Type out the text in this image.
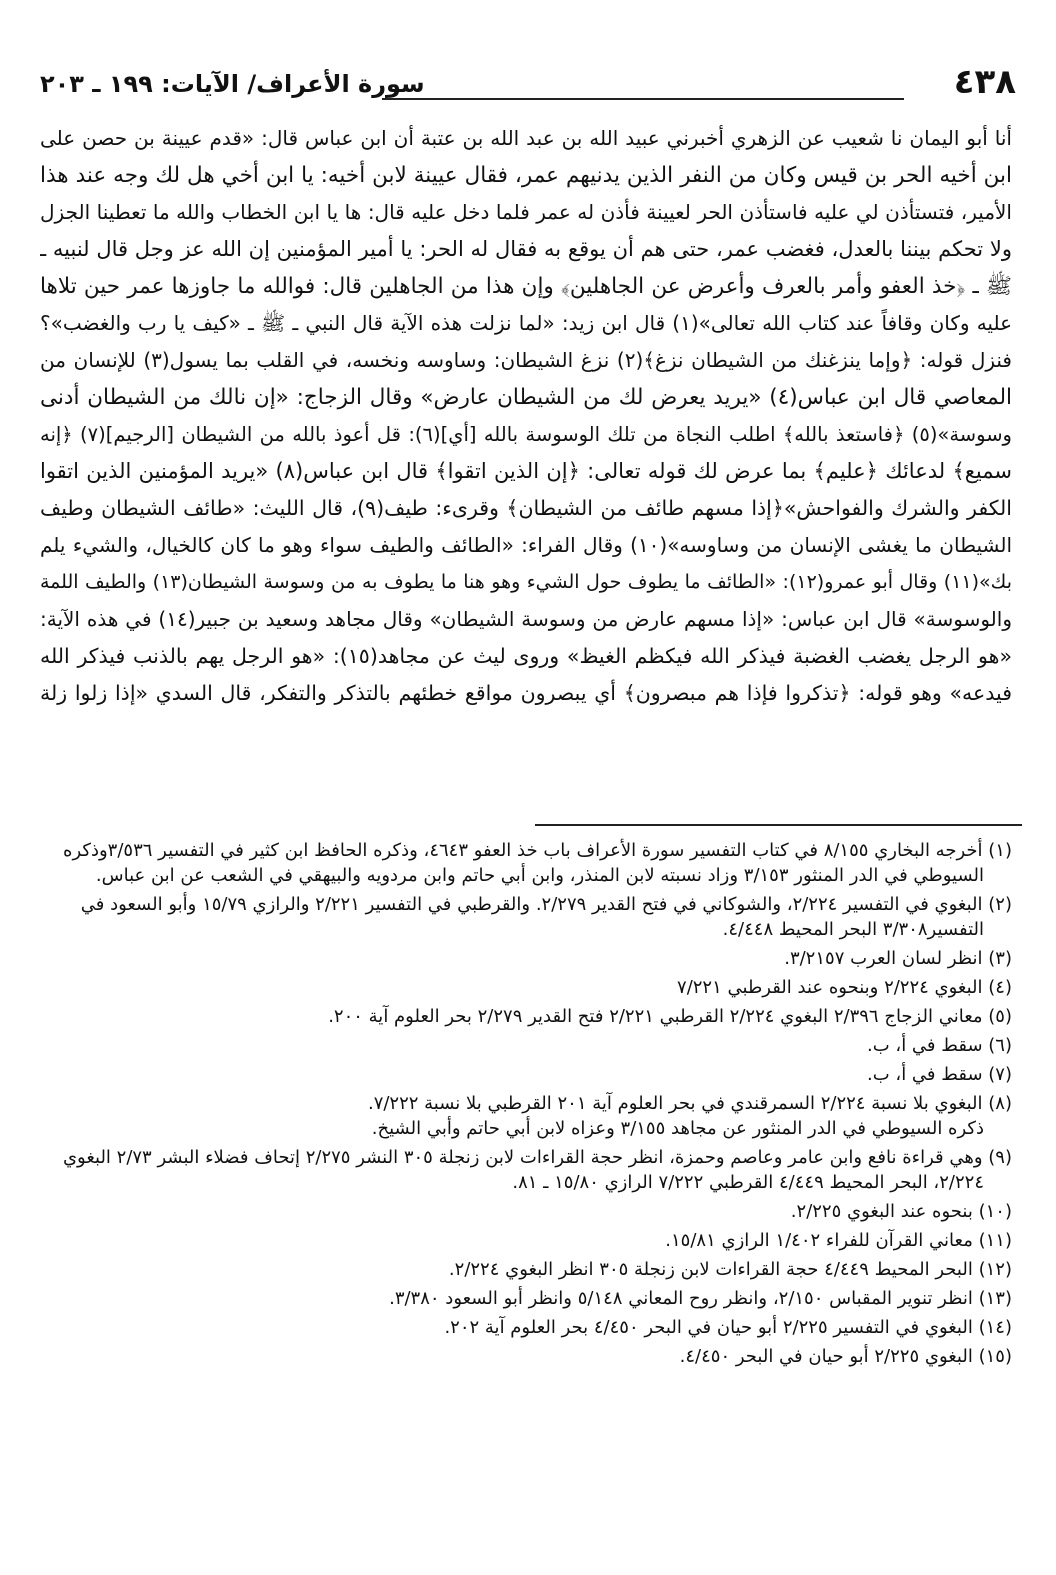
٤٣٨
سورة الأعراف/ الآيات: ١٩٩ ـ ٢٠٣
أنا أبو اليمان نا شعيب عن الزهري أخبرني عبيد الله بن عبد الله بن عتبة أن ابن عباس قال: «قدم عيينة بن حصن على
ابن أخيه الحر بن قيس وكان من النفر الذين يدنيهم عمر، فقال عيينة لابن أخيه: يا ابن أخي هل لك وجه عند هذا
الأمير، فتستأذن لي عليه فاستأذن الحر لعيينة فأذن له عمر فلما دخل عليه قال: ها يا ابن الخطاب والله ما تعطينا الجزل
ولا تحكم بيننا بالعدل، فغضب عمر، حتى هم أن يوقع به فقال له الحر: يا أمير المؤمنين إن الله عز وجل قال لنبيه ـ
ﷺ ـ ﴿خذ العفو وأمر بالعرف وأعرض عن الجاهلين﴾ وإن هذا من الجاهلين قال: فوالله ما جاوزها عمر حين تلاها
عليه وكان وقافاً عند كتاب الله تعالى»(١) قال ابن زيد: «لما نزلت هذه الآية قال النبي ـ ﷺ ـ «كيف يا رب والغضب»؟
فنزل قوله: ﴿وإما ينزغنك من الشيطان نزغ﴾(٢) نزغ الشيطان: وساوسه ونخسه، في القلب بما يسول(٣) للإنسان من
المعاصي قال ابن عباس(٤) «يريد يعرض لك من الشيطان عارض» وقال الزجاج: «إن نالك من الشيطان أدنى
وسوسة»(٥) ﴿فاستعذ بالله﴾ اطلب النجاة من تلك الوسوسة بالله [أي](٦): قل أعوذ بالله من الشيطان [الرجيم](٧) ﴿إنه
سميع﴾ لدعائك ﴿عليم﴾ بما عرض لك قوله تعالى: ﴿إن الذين اتقوا﴾ قال ابن عباس(٨) «يريد المؤمنين الذين اتقوا
الكفر والشرك والفواحش»﴿إذا مسهم طائف من الشيطان﴾ وقرىء: طيف(٩)، قال الليث: «طائف الشيطان وطيف
الشيطان ما يغشى الإنسان من وساوسه»(١٠) وقال الفراء: «الطائف والطيف سواء وهو ما كان كالخيال، والشيء يلم
بك»(١١) وقال أبو عمرو(١٢): «الطائف ما يطوف حول الشيء وهو هنا ما يطوف به من وسوسة الشيطان(١٣) والطيف اللمة
والوسوسة» قال ابن عباس: «إذا مسهم عارض من وسوسة الشيطان» وقال مجاهد وسعيد بن جبير(١٤) في هذه الآية:
«هو الرجل يغضب الغضبة فيذكر الله فيكظم الغيظ» وروى ليث عن مجاهد(١٥): «هو الرجل يهم بالذنب فيذكر الله
فيدعه» وهو قوله: ﴿تذكروا فإذا هم مبصرون﴾ أي يبصرون مواقع خطئهم بالتذكر والتفكر، قال السدي «إذا زلوا زلة
(١) أخرجه البخاري ٨/١٥٥ في كتاب التفسير سورة الأعراف باب خذ العفو ٤٦٤٣، وذكره الحافظ ابن كثير في التفسير ٣/٥٣٦وذكره
السيوطي في الدر المنثور ٣/١٥٣ وزاد نسبته لابن المنذر، وابن أبي حاتم وابن مردويه والبيهقي في الشعب عن ابن عباس.
(٢) البغوي في التفسير ٢/٢٢٤، والشوكاني في فتح القدير ٢/٢٧٩. والقرطبي في التفسير ٢/٢٢١ والرازي ١٥/٧٩ وأبو السعود في
التفسير٣/٣٠٨ البحر المحيط ٤/٤٤٨.
(٣) انظر لسان العرب ٣/٢١٥٧.
(٤) البغوي ٢/٢٢٤ وبنحوه عند القرطبي ٧/٢٢١
(٥) معاني الزجاج ٢/٣٩٦ البغوي ٢/٢٢٤ القرطبي ٢/٢٢١ فتح القدير ٢/٢٧٩ بحر العلوم آية ٢٠٠.
(٦) سقط في أ، ب.
(٧) سقط في أ، ب.
(٨) البغوي بلا نسبة ٢/٢٢٤ السمرقندي في بحر العلوم آية ٢٠١ القرطبي بلا نسبة ٧/٢٢٢.
ذكره السيوطي في الدر المنثور عن مجاهد ٣/١٥٥ وعزاه لابن أبي حاتم وأبي الشيخ.
(٩) وهي قراءة نافع وابن عامر وعاصم وحمزة، انظر حجة القراءات لابن زنجلة ٣٠٥ النشر ٢/٢٧٥ إتحاف فضلاء البشر ٢/٧٣ البغوي
٢/٢٢٤، البحر المحيط ٤/٤٤٩ القرطبي ٧/٢٢٢ الرازي ١٥/٨٠ ـ ٨١.
(١٠) بنحوه عند البغوي ٢/٢٢٥.
(١١) معاني القرآن للفراء ١/٤٠٢ الرازي ١٥/٨١.
(١٢) البحر المحيط ٤/٤٤٩ حجة القراءات لابن زنجلة ٣٠٥ انظر البغوي ٢/٢٢٤.
(١٣) انظر تنوير المقباس ٢/١٥٠، وانظر روح المعاني ٥/١٤٨ وانظر أبو السعود ٣/٣٨٠.
(١٤) البغوي في التفسير ٢/٢٢٥ أبو حيان في البحر ٤/٤٥٠ بحر العلوم آية ٢٠٢.
(١٥) البغوي ٢/٢٢٥ أبو حيان في البحر ٤/٤٥٠.
